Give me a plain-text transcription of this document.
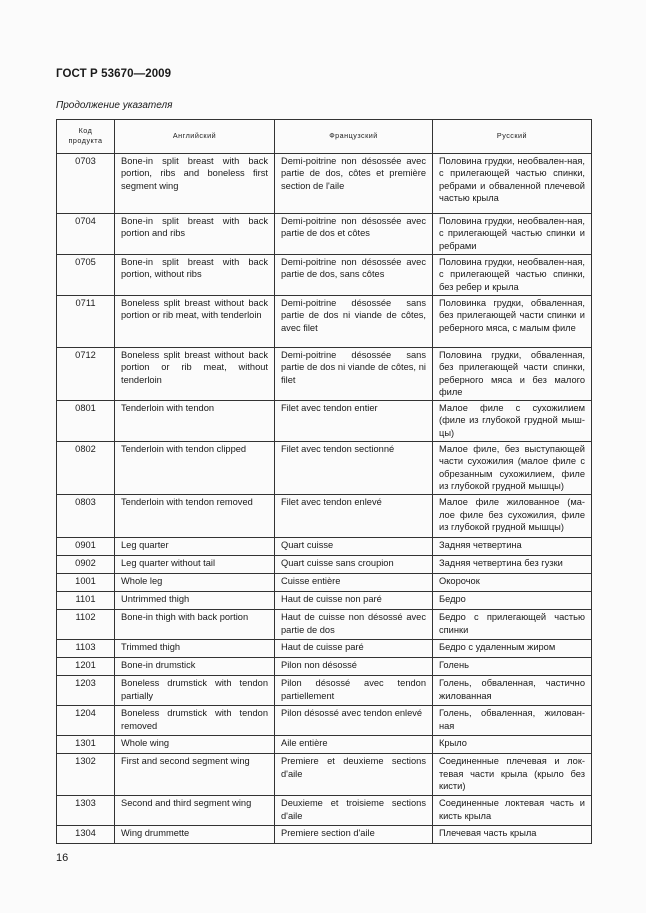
ГОСТ Р 53670—2009
Продолжение указателя
Код продукта	Английский	Французский	Русский
0703	Bone-in split breast with back portion, ribs and boneless first segment wing	Demi-poitrine non désossée avec partie de dos, côtes et première section de l'aile	Половина грудки, необвален-ная, с прилегающей частью спинки, ребрами и обваленной плечевой частью крыла
0704	Bone-in split breast with back portion and ribs	Demi-poitrine non désossée avec partie de dos et côtes	Половина грудки, необвален-ная, с прилегающей частью спинки и ребрами
0705	Bone-in split breast with back portion, without ribs	Demi-poitrine non désossée avec partie de dos, sans côtes	Половина грудки, необвален-ная, с прилегающей частью спинки, без ребер и крыла
0711	Boneless split breast without back portion or rib meat, with tenderloin	Demi-poitrine désossée sans partie de dos ni viande de côtes, avec filet	Половинка грудки, обваленная, без прилегающей части спинки и реберного мяса, с малым филе
0712	Boneless split breast without back portion or rib meat, without tenderloin	Demi-poitrine désossée sans partie de dos ni viande de côtes, ni filet	Половина грудки, обваленная, без прилегающей части спинки, реберного мяса и без малого филе
0801	Tenderloin with tendon	Filet avec tendon entier	Малое филе с сухожилием (филе из глубокой грудной мыш-цы)
0802	Tenderloin with tendon clipped	Filet avec tendon sectionné	Малое филе, без выступающей части сухожилия (малое филе с обрезанным сухожилием, филе из глубокой грудной мышцы)
0803	Tenderloin with tendon removed	Filet avec tendon enlevé	Малое филе жилованное (ма-лое филе без сухожилия, филе из глубокой грудной мышцы)
0901	Leg quarter	Quart cuisse	Задняя четвертина
0902	Leg quarter without tail	Quart cuisse sans croupion	Задняя четвертина без гузки
1001	Whole leg	Cuisse entière	Окорочок
1101	Untrimmed thigh	Haut de cuisse non paré	Бедро
1102	Bone-in thigh with back portion	Haut de cuisse non désossé avec partie de dos	Бедро с прилегающей частью спинки
1103	Trimmed thigh	Haut de cuisse paré	Бедро с удаленным жиром
1201	Bone-in drumstick	Pilon non désossé	Голень
1203	Boneless drumstick with tendon partially	Pilon désossé avec tendon partiellement	Голень, обваленная, частично жилованная
1204	Boneless drumstick with tendon removed	Pilon désossé avec tendon enlevé	Голень, обваленная, жилован-ная
1301	Whole wing	Aile entière	Крыло
1302	First and second segment wing	Premiere et deuxieme sections d'aile	Соединенные плечевая и лок-тевая части крыла (крыло без кисти)
1303	Second and third segment wing	Deuxieme et troisieme sections d'aile	Соединенные локтевая часть и кисть крыла
1304	Wing drummette	Premiere section d'aile	Плечевая часть крыла
16
